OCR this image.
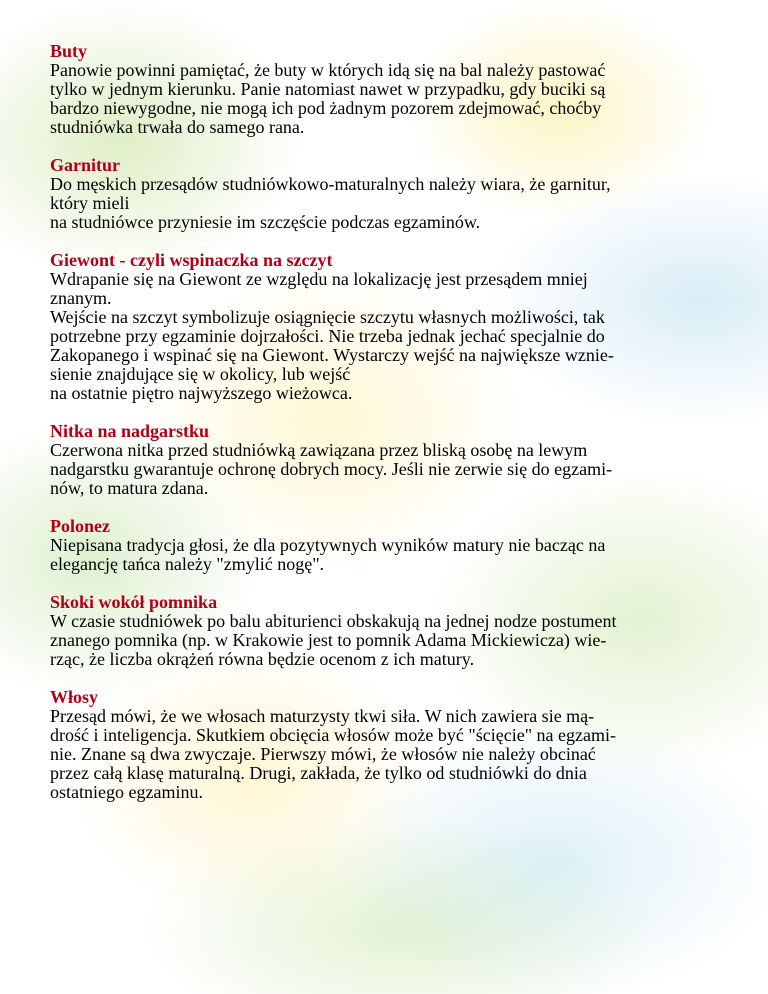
Buty

Panowie powinni pamiętać, że buty w których idą się na bal należy pastować

tylko w jednym kierunku. Panie natomiast nawet w przypadku, gdy buciki są

bardzo niewygodne, nie mogą ich pod żadnym pozorem zdejmować, choćby

studniówka trwała do samego rana.

Garnitur

Do męskich przesądów studniówkowo-maturalnych należy wiara, że garnitur,

który mieli

na studniówce przyniesie im szczęście podczas egzaminów.

Giewont - czyli wspinaczka na szczyt

Wdrapanie się na Giewont ze względu na lokalizację jest przesądem mniej

znanym.

Wejście na szczyt symbolizuje osiągnięcie szczytu własnych możliwości, tak

potrzebne przy egzaminie dojrzałości. Nie trzeba jednak jechać specjalnie do

Zakopanego i wspinać się na Giewont. Wystarczy wejść na największe wznie-

sienie znajdujące się w okolicy, lub wejść

na ostatnie piętro najwyższego wieżowca.

Nitka na nadgarstku

Czerwona nitka przed studniówką zawiązana przez bliską osobę na lewym

nadgarstku gwarantuje ochronę dobrych mocy. Jeśli nie zerwie się do egzami-

nów, to matura zdana.

Polonez

Niepisana tradycja głosi, że dla pozytywnych wyników matury nie bacząc na

elegancję tańca należy "zmylić nogę".

Skoki wokół pomnika

W czasie studniówek po balu abiturienci obskakują na jednej nodze postument

znanego pomnika (np. w Krakowie jest to pomnik Adama Mickiewicza) wie-

rząc, że liczba okrążeń równa będzie ocenom z ich matury.

Włosy

Przesąd mówi, że we włosach maturzysty tkwi siła. W nich zawiera sie mą-

drość i inteligencja. Skutkiem obcięcia włosów może być "ścięcie" na egzami-

nie. Znane są dwa zwyczaje. Pierwszy mówi, że włosów nie należy obcinać

przez całą klasę maturalną. Drugi, zakłada, że tylko od studniówki do dnia

ostatniego egzaminu.
